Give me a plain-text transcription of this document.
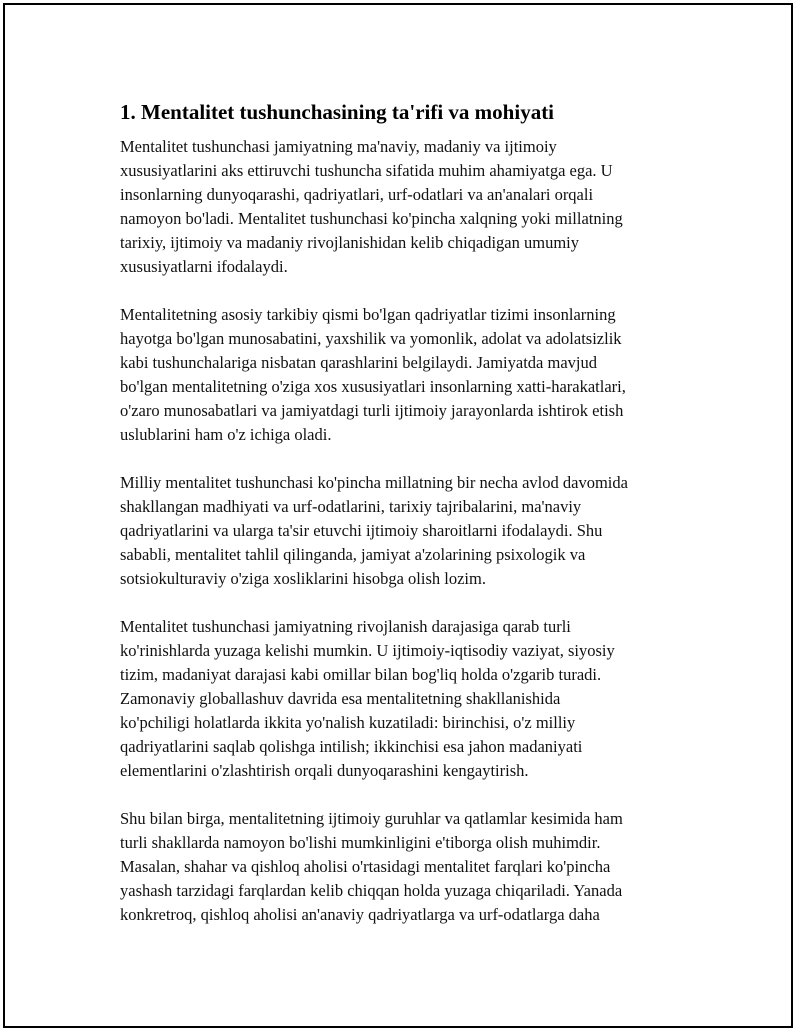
1. Mentalitet tushunchasining ta'rifi va mohiyati

Mentalitet tushunchasi jamiyatning ma'naviy, madaniy va ijtimoiy
xususiyatlarini aks ettiruvchi tushuncha sifatida muhim ahamiyatga ega. U
insonlarning dunyoqarashi, qadriyatlari, urf-odatlari va an'analari orqali
namoyon bo'ladi. Mentalitet tushunchasi ko'pincha xalqning yoki millatning
tarixiy, ijtimoiy va madaniy rivojlanishidan kelib chiqadigan umumiy
xususiyatlarni ifodalaydi.

Mentalitetning asosiy tarkibiy qismi bo'lgan qadriyatlar tizimi insonlarning
hayotga bo'lgan munosabatini, yaxshilik va yomonlik, adolat va adolatsizlik
kabi tushunchalariga nisbatan qarashlarini belgilaydi. Jamiyatda mavjud
bo'lgan mentalitetning o'ziga xos xususiyatlari insonlarning xatti-harakatlari,
o'zaro munosabatlari va jamiyatdagi turli ijtimoiy jarayonlarda ishtirok etish
uslublarini ham o'z ichiga oladi.

Milliy mentalitet tushunchasi ko'pincha millatning bir necha avlod davomida
shakllangan madhiyati va urf-odatlarini, tarixiy tajribalarini, ma'naviy
qadriyatlarini va ularga ta'sir etuvchi ijtimoiy sharoitlarni ifodalaydi. Shu
sababli, mentalitet tahlil qilinganda, jamiyat a'zolarining psixologik va
sotsiokulturaviy o'ziga xosliklarini hisobga olish lozim.

Mentalitet tushunchasi jamiyatning rivojlanish darajasiga qarab turli
ko'rinishlarda yuzaga kelishi mumkin. U ijtimoiy-iqtisodiy vaziyat, siyosiy
tizim, madaniyat darajasi kabi omillar bilan bog'liq holda o'zgarib turadi.
Zamonaviy globallashuv davrida esa mentalitetning shakllanishida
ko'pchiligi holatlarda ikkita yo'nalish kuzatiladi: birinchisi, o'z milliy
qadriyatlarini saqlab qolishga intilish; ikkinchisi esa jahon madaniyati
elementlarini o'zlashtirish orqali dunyoqarashini kengaytirish.

Shu bilan birga, mentalitetning ijtimoiy guruhlar va qatlamlar kesimida ham
turli shakllarda namoyon bo'lishi mumkinligini e'tiborga olish muhimdir.
Masalan, shahar va qishloq aholisi o'rtasidagi mentalitet farqlari ko'pincha
yashash tarzidagi farqlardan kelib chiqqan holda yuzaga chiqariladi. Yanada
konkretroq, qishloq aholisi an'anaviy qadriyatlarga va urf-odatlarga daha
